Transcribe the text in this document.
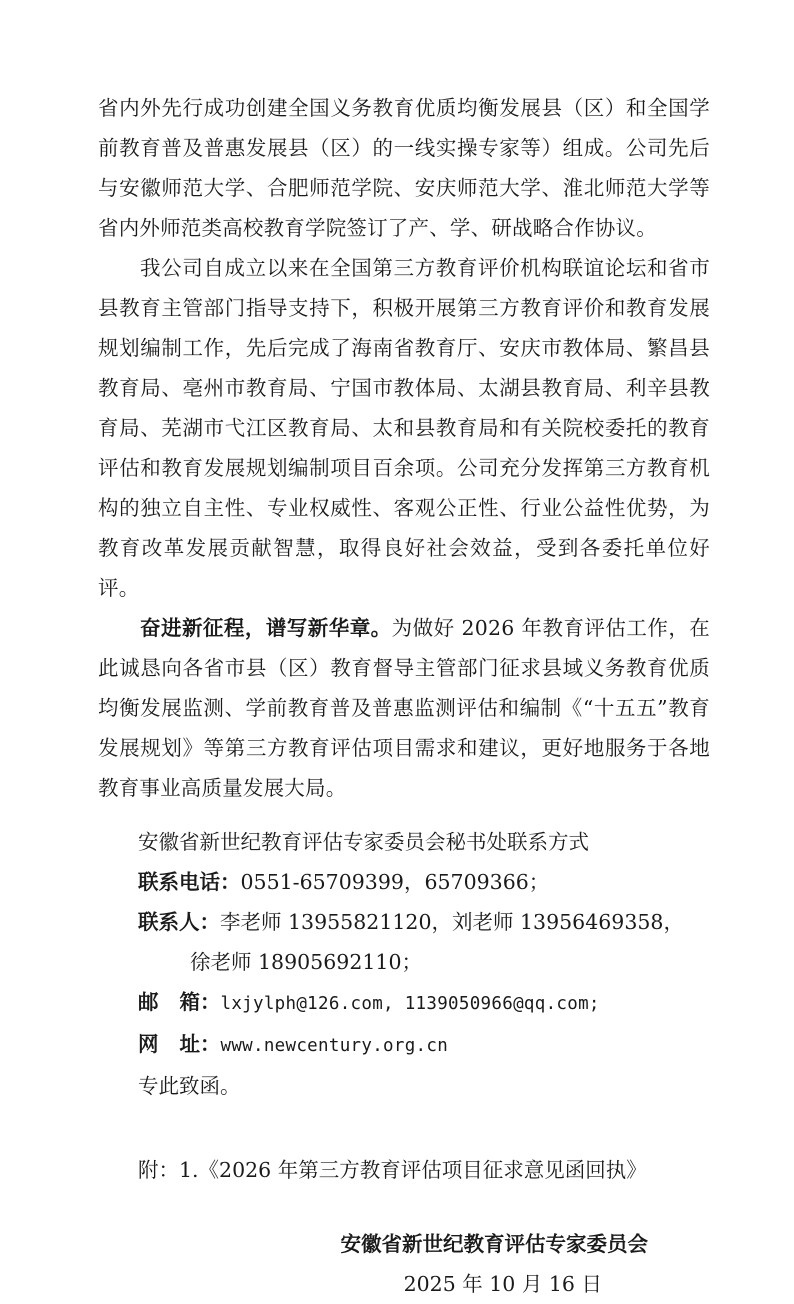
省内外先行成功创建全国义务教育优质均衡发展县（区）和全国学前教育普及普惠发展县（区）的一线实操专家等）组成。公司先后与安徽师范大学、合肥师范学院、安庆师范大学、淮北师范大学等省内外师范类高校教育学院签订了产、学、研战略合作协议。

我公司自成立以来在全国第三方教育评价机构联谊论坛和省市县教育主管部门指导支持下，积极开展第三方教育评价和教育发展规划编制工作，先后完成了海南省教育厅、安庆市教体局、繁昌县教育局、亳州市教育局、宁国市教体局、太湖县教育局、利辛县教育局、芜湖市弋江区教育局、太和县教育局和有关院校委托的教育评估和教育发展规划编制项目百余项。公司充分发挥第三方教育机构的独立自主性、专业权威性、客观公正性、行业公益性优势，为教育改革发展贡献智慧，取得良好社会效益，受到各委托单位好评。

奋进新征程，谱写新华章。为做好 2026 年教育评估工作，在此诚恳向各省市县（区）教育督导主管部门征求县域义务教育优质均衡发展监测、学前教育普及普惠监测评估和编制《“十五五”教育发展规划》等第三方教育评估项目需求和建议，更好地服务于各地教育事业高质量发展大局。

安徽省新世纪教育评估专家委员会秘书处联系方式

联系电话：0551-65709399，65709366；

联系人：李老师 13955821120，刘老师 13956469358，

徐老师 18905692110；

邮 箱：lxjylph@126.com, 1139050966@qq.com;

网 址：www.newcentury.org.cn

专此致函。

附：1.《2026 年第三方教育评估项目征求意见函回执》

安徽省新世纪教育评估专家委员会

2025 年 10 月 16 日
